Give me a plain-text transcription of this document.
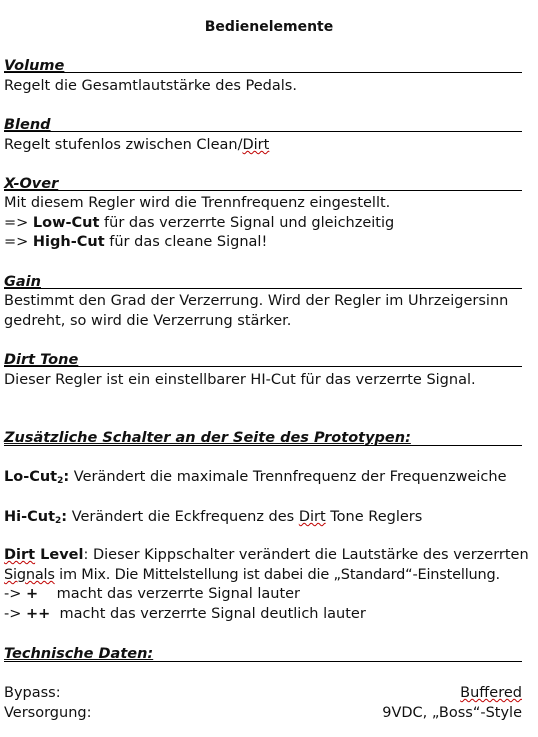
Bedienelemente
Volume
Regelt die Gesamtlautstärke des Pedals.
Blend
Regelt stufenlos zwischen Clean/Dirt
X-Over
Mit diesem Regler wird die Trennfrequenz eingestellt.
=> Low-Cut für das verzerrte Signal und gleichzeitig
=> High-Cut für das cleane Signal!
Gain
Bestimmt den Grad der Verzerrung. Wird der Regler im Uhrzeigersinn
gedreht, so wird die Verzerrung stärker.
Dirt Tone
Dieser Regler ist ein einstellbarer HI-Cut für das verzerrte Signal.
Zusätzliche Schalter an der Seite des Prototypen:
Lo-Cut$_2$: Verändert die maximale Trennfrequenz der Frequenzweiche
Hi-Cut$_2$: Verändert die Eckfrequenz des Dirt Tone Reglers
Dirt Level: Dieser Kippschalter verändert die Lautstärke des verzerrten
Signals im Mix. Die Mittelstellung ist dabei die „Standard“-Einstellung.
-> +    macht das verzerrte Signal lauter
-> ++  macht das verzerrte Signal deutlich lauter
Technische Daten:
Bypass:	Buffered
Versorgung:	9VDC, „Boss“-Style
